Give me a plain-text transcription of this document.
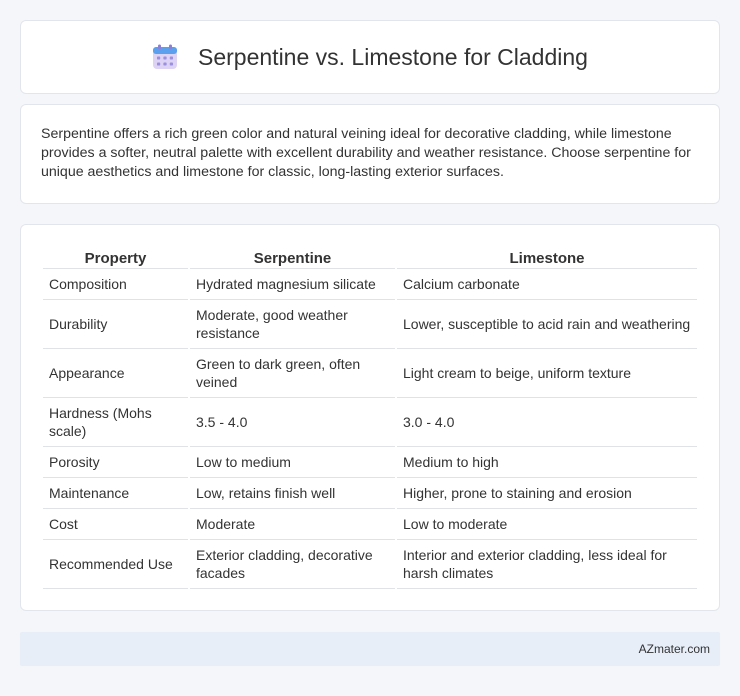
Serpentine vs. Limestone for Cladding

Serpentine offers a rich green color and natural veining ideal for decorative cladding, while limestone provides a softer, neutral palette with excellent durability and weather resistance. Choose serpentine for unique aesthetics and limestone for classic, long-lasting exterior surfaces.

Property	Serpentine	Limestone
Composition	Hydrated magnesium silicate	Calcium carbonate
Durability	Moderate, good weather resistance	Lower, susceptible to acid rain and weathering
Appearance	Green to dark green, often veined	Light cream to beige, uniform texture
Hardness (Mohs scale)	3.5 - 4.0	3.0 - 4.0
Porosity	Low to medium	Medium to high
Maintenance	Low, retains finish well	Higher, prone to staining and erosion
Cost	Moderate	Low to moderate
Recommended Use	Exterior cladding, decorative facades	Interior and exterior cladding, less ideal for harsh climates
AZmater.com
